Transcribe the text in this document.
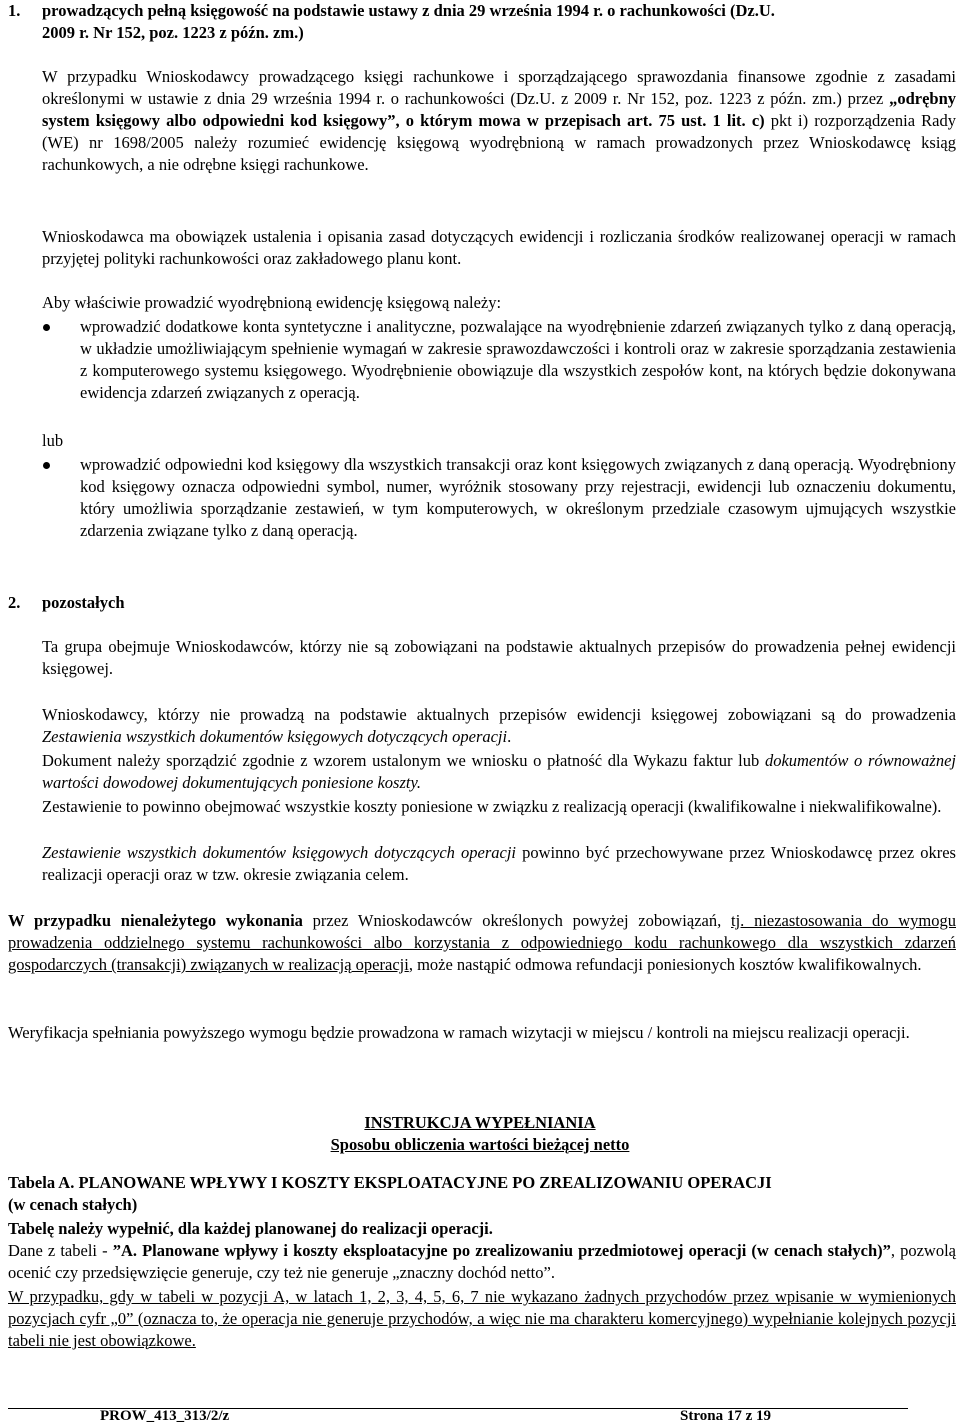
1.	prowadzących pełną księgowość na podstawie ustawy z dnia 29 września 1994 r. o rachunkowości (Dz.U.
2009 r. Nr 152, poz. 1223 z późn. zm.)

W przypadku Wnioskodawcy prowadzącego księgi rachunkowe i sporządzającego sprawozdania finansowe zgodnie z zasadami określonymi w ustawie z dnia 29 września 1994 r. o rachunkowości (Dz.U. z 2009 r. Nr 152, poz. 1223 z późn. zm.) przez „odrębny system księgowy albo odpowiedni kod księgowy”, o którym mowa w przepisach art. 75 ust. 1 lit. c) pkt i) rozporządzenia Rady (WE) nr 1698/2005 należy rozumieć ewidencję księgową wyodrębnioną w ramach prowadzonych przez Wnioskodawcę ksiąg rachunkowych, a nie odrębne księgi rachunkowe.

Wnioskodawca ma obowiązek ustalenia i opisania zasad dotyczących ewidencji i rozliczania środków realizowanej operacji w ramach przyjętej polityki rachunkowości oraz zakładowego planu kont.

Aby właściwie prowadzić wyodrębnioną ewidencję księgową należy:

wprowadzić dodatkowe konta syntetyczne i analityczne, pozwalające na wyodrębnienie zdarzeń związanych tylko z daną operacją, w układzie umożliwiającym spełnienie wymagań w zakresie sprawozdawczości i kontroli oraz w zakresie sporządzania zestawienia z komputerowego systemu księgowego. Wyodrębnienie obowiązuje dla wszystkich zespołów kont, na których będzie dokonywana ewidencja zdarzeń związanych z operacją.

lub

wprowadzić odpowiedni kod księgowy dla wszystkich transakcji oraz kont księgowych związanych z daną operacją. Wyodrębniony kod księgowy oznacza odpowiedni symbol, numer, wyróżnik stosowany przy rejestracji, ewidencji lub oznaczeniu dokumentu, który umożliwia sporządzanie zestawień, w tym komputerowych, w określonym przedziale czasowym ujmujących wszystkie zdarzenia związane tylko z daną operacją.

2.	pozostałych

Ta grupa obejmuje Wnioskodawców, którzy nie są zobowiązani na podstawie aktualnych przepisów do prowadzenia pełnej ewidencji księgowej.

Wnioskodawcy, którzy nie prowadzą na podstawie aktualnych przepisów ewidencji księgowej zobowiązani są do prowadzenia Zestawienia wszystkich dokumentów księgowych dotyczących operacji.

Dokument należy sporządzić zgodnie z wzorem ustalonym we wniosku o płatność dla Wykazu faktur lub dokumentów o równoważnej wartości dowodowej dokumentujących poniesione koszty.

Zestawienie to powinno obejmować wszystkie koszty poniesione w związku z realizacją operacji (kwalifikowalne i niekwalifikowalne).

Zestawienie wszystkich dokumentów księgowych dotyczących operacji powinno być przechowywane przez Wnioskodawcę przez okres realizacji operacji oraz w tzw. okresie związania celem.

W przypadku nienależytego wykonania przez Wnioskodawców określonych powyżej zobowiązań, tj. niezastosowania do wymogu prowadzenia oddzielnego systemu rachunkowości albo korzystania z odpowiedniego kodu rachunkowego dla wszystkich zdarzeń gospodarczych (transakcji) związanych w realizacją operacji, może nastąpić odmowa refundacji poniesionych kosztów kwalifikowalnych.

Weryfikacja spełniania powyższego wymogu będzie prowadzona w ramach wizytacji w miejscu / kontroli na miejscu realizacji operacji.

INSTRUKCJA WYPEŁNIANIA
Sposobu obliczenia wartości bieżącej netto
Tabela A. PLANOWANE WPŁYWY I KOSZTY EKSPLOATACYJNE PO ZREALIZOWANIU OPERACJI
(w cenach stałych)

Tabelę należy wypełnić, dla każdej planowanej do realizacji operacji.

Dane z tabeli - ”A. Planowane wpływy i koszty eksploatacyjne po zrealizowaniu przedmiotowej operacji (w cenach stałych)”, pozwolą ocenić czy przedsięwzięcie generuje, czy też nie generuje „znaczny dochód netto”.

W przypadku, gdy w tabeli w pozycji A, w latach 1, 2, 3, 4, 5, 6, 7 nie wykazano żadnych przychodów przez wpisanie w wymienionych pozycjach cyfr „0” (oznacza to, że operacja nie generuje przychodów, a więc nie ma charakteru komercyjnego) wypełnianie kolejnych pozycji tabeli nie jest obowiązkowe.

PROW_413_313/2/z	Strona 17 z 19
